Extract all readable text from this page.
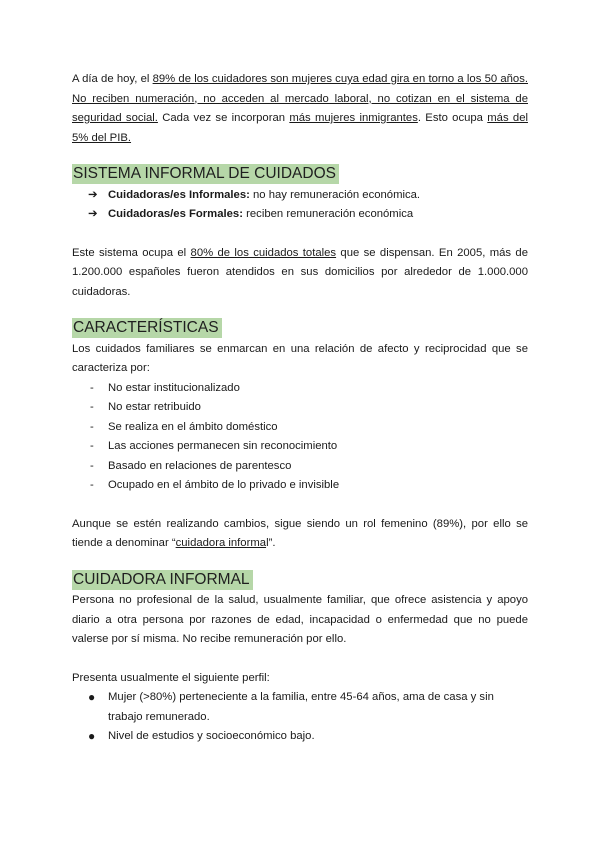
A día de hoy, el 89% de los cuidadores son mujeres cuya edad gira en torno a los 50 años. No reciben numeración, no acceden al mercado laboral, no cotizan en el sistema de seguridad social. Cada vez se incorporan más mujeres inmigrantes. Esto ocupa más del 5% del PIB.

SISTEMA INFORMAL DE CUIDADOS
➔ Cuidadoras/es Informales: no hay remuneración económica.
➔ Cuidadoras/es Formales: reciben remuneración económica

Este sistema ocupa el 80% de los cuidados totales que se dispensan. En 2005, más de 1.200.000 españoles fueron atendidos en sus domicilios por alrededor de 1.000.000 cuidadoras.

CARACTERÍSTICAS

Los cuidados familiares se enmarcan en una relación de afecto y reciprocidad que se caracteriza por:

- No estar institucionalizado
- No estar retribuido
- Se realiza en el ámbito doméstico
- Las acciones permanecen sin reconocimiento
- Basado en relaciones de parentesco
- Ocupado en el ámbito de lo privado e invisible

Aunque se estén realizando cambios, sigue siendo un rol femenino (89%), por ello se tiende a denominar “cuidadora informal”.

CUIDADORA INFORMAL

Persona no profesional de la salud, usualmente familiar, que ofrece asistencia y apoyo diario a otra persona por razones de edad, incapacidad o enfermedad que no puede valerse por sí misma. No recibe remuneración por ello.

Presenta usualmente el siguiente perfil:

● Mujer (>80%) perteneciente a la familia, entre 45-64 años, ama de casa y sin trabajo remunerado.
● Nivel de estudios y socioeconómico bajo.
